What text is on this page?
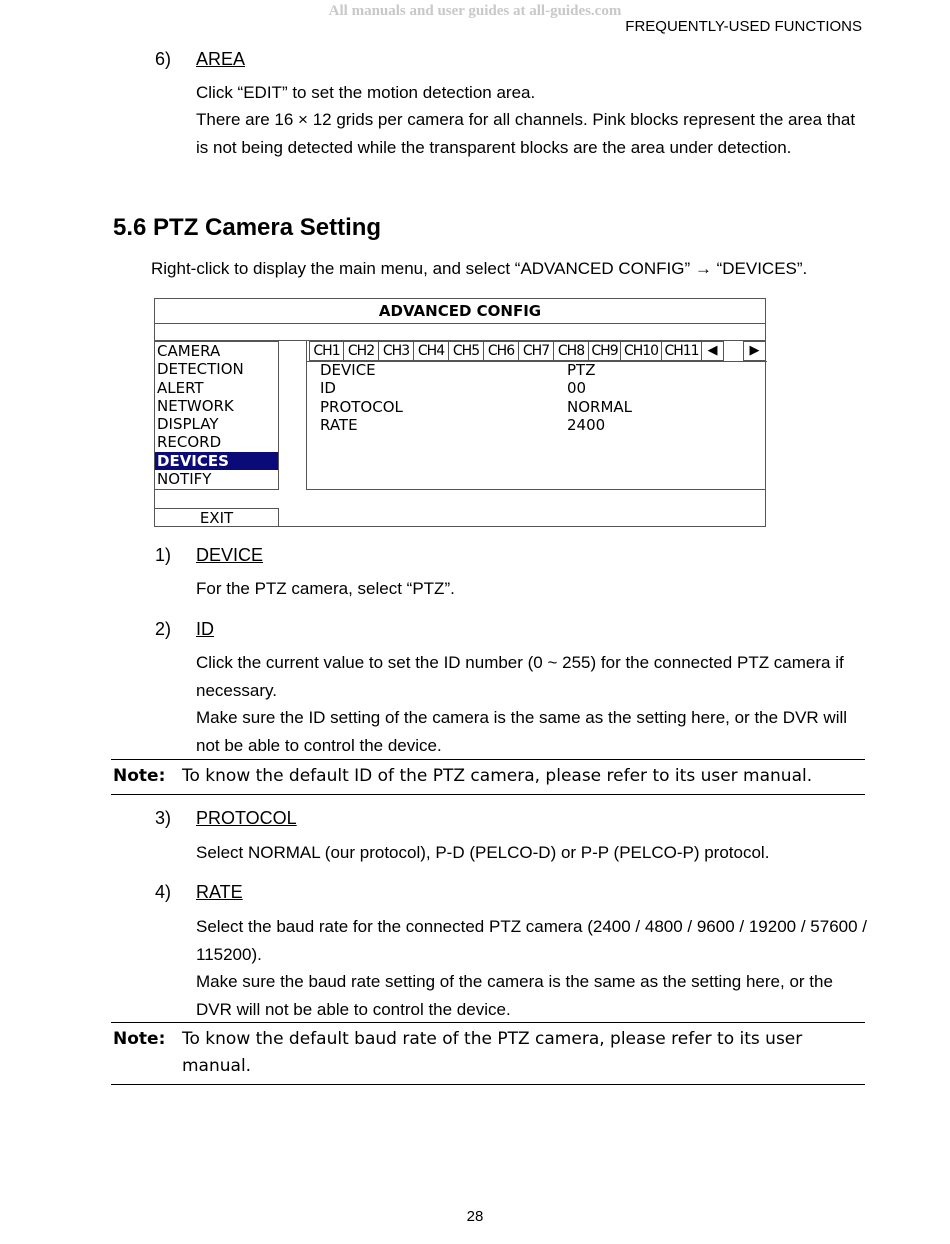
All manuals and user guides at all-guides.com
FREQUENTLY-USED FUNCTIONS
6) AREA
Click “EDIT” to set the motion detection area.
There are 16 × 12 grids per camera for all channels. Pink blocks represent the area that is not being detected while the transparent blocks are the area under detection.
5.6 PTZ Camera Setting
Right-click to display the main menu, and select “ADVANCED CONFIG” → “DEVICES”.
ADVANCED CONFIG
CAMERA
DETECTION
ALERT
NETWORK
DISPLAY
RECORD
DEVICES
NOTIFY
EXIT
CH1 CH2 CH3 CH4 CH5 CH6 CH7 CH8 CH9 CH10 CH11 ◀	▶
DEVICE	PTZ
ID	00
PROTOCOL	NORMAL
RATE	2400
1) DEVICE
For the PTZ camera, select “PTZ”.
2) ID
Click the current value to set the ID number (0 ~ 255) for the connected PTZ camera if necessary.
Make sure the ID setting of the camera is the same as the setting here, or the DVR will not be able to control the device.
Note: To know the default ID of the PTZ camera, please refer to its user manual.
3) PROTOCOL
Select NORMAL (our protocol), P-D (PELCO-D) or P-P (PELCO-P) protocol.
4) RATE
Select the baud rate for the connected PTZ camera (2400 / 4800 / 9600 / 19200 / 57600 / 115200).
Make sure the baud rate setting of the camera is the same as the setting here, or the DVR will not be able to control the device.
Note: To know the default baud rate of the PTZ camera, please refer to its user manual.
28
